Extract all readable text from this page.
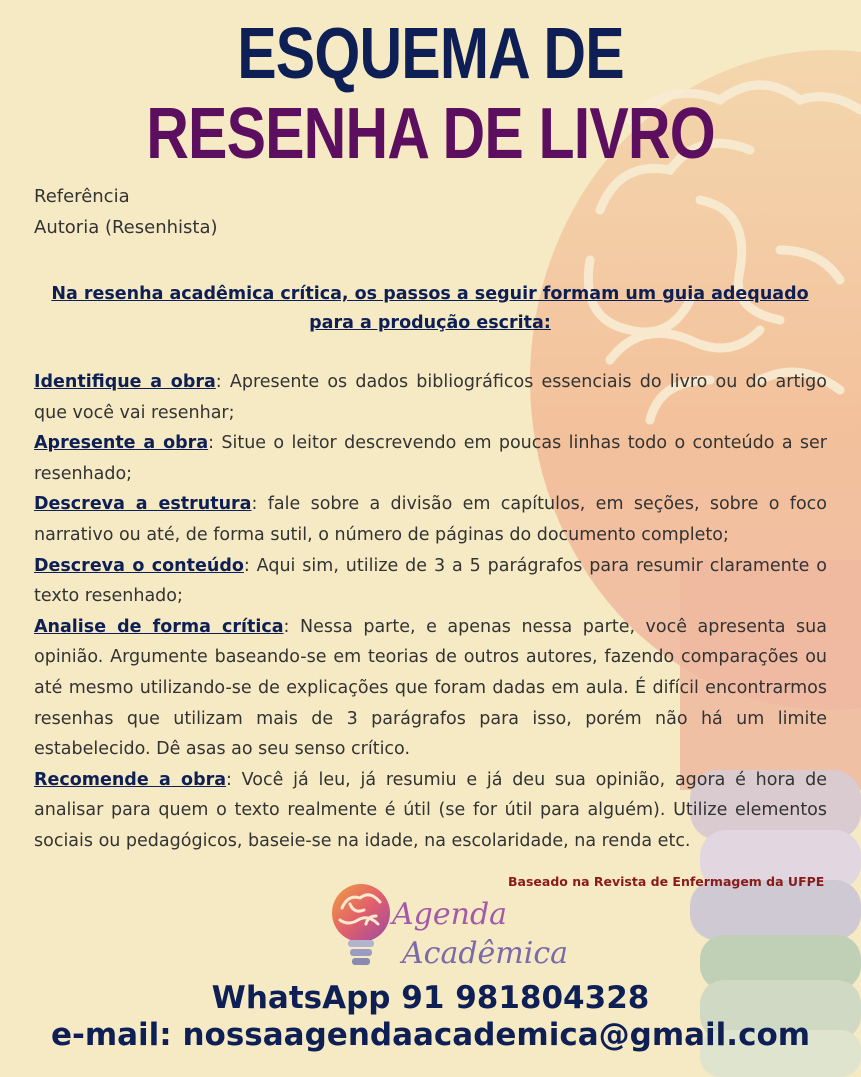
ESQUEMA DE
RESENHA DE LIVRO
Referência
Autoria (Resenhista)
Na resenha acadêmica crítica, os passos a seguir formam um guia adequado para a produção escrita:

Identifique a obra: Apresente os dados bibliográficos essenciais do livro ou do artigo que você vai resenhar;

Apresente a obra: Situe o leitor descrevendo em poucas linhas todo o conteúdo a ser resenhado;

Descreva a estrutura: fale sobre a divisão em capítulos, em seções, sobre o foco narrativo ou até, de forma sutil, o número de páginas do documento completo;

Descreva o conteúdo: Aqui sim, utilize de 3 a 5 parágrafos para resumir claramente o texto resenhado;

Analise de forma crítica: Nessa parte, e apenas nessa parte, você apresenta sua opinião. Argumente baseando-se em teorias de outros autores, fazendo comparações ou até mesmo utilizando-se de explicações que foram dadas em aula. É difícil encontrarmos resenhas que utilizam mais de 3 parágrafos para isso, porém não há um limite estabelecido. Dê asas ao seu senso crítico.

Recomende a obra: Você já leu, já resumiu e já deu sua opinião, agora é hora de analisar para quem o texto realmente é útil (se for útil para alguém). Utilize elementos sociais ou pedagógicos, baseie-se na idade, na escolaridade, na renda etc.

Baseado na Revista de Enfermagem da UFPE
Agenda
Acadêmica
WhatsApp 91 981804328
e-mail: nossaagendaacademica@gmail.com
